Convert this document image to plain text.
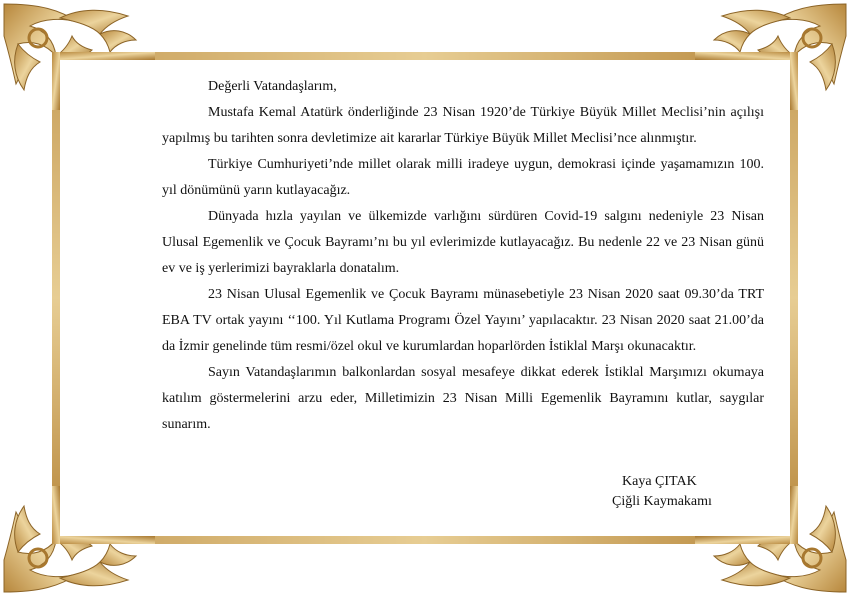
Değerli Vatandaşlarım,

Mustafa Kemal Atatürk önderliğinde 23 Nisan 1920’de Türkiye Büyük Millet Meclisi’nin açılışı yapılmış bu tarihten sonra devletimize ait kararlar Türkiye Büyük Millet Meclisi’nce alınmıştır.

Türkiye Cumhuriyeti’nde millet olarak milli iradeye uygun, demokrasi içinde yaşamamızın 100. yıl dönümünü yarın kutlayacağız.

Dünyada hızla yayılan ve ülkemizde varlığını sürdüren Covid-19 salgını nedeniyle 23 Nisan Ulusal Egemenlik ve Çocuk Bayramı’nı bu yıl evlerimizde kutlayacağız. Bu nedenle 22 ve 23 Nisan günü ev ve iş yerlerimizi bayraklarla donatalım.

23 Nisan Ulusal Egemenlik ve Çocuk Bayramı münasebetiyle 23 Nisan 2020 saat 09.30’da TRT EBA TV ortak yayını ‘‘100. Yıl Kutlama Programı Özel Yayını’ yapılacaktır. 23 Nisan 2020 saat 21.00’da da İzmir genelinde tüm resmi/özel okul ve kurumlardan hoparlörden İstiklal Marşı okunacaktır.

Sayın Vatandaşlarımın balkonlardan sosyal mesafeye dikkat ederek İstiklal Marşımızı okumaya katılım göstermelerini arzu eder, Milletimizin 23 Nisan Milli Egemenlik Bayramını kutlar, saygılar sunarım.

Kaya ÇITAK
Çiğli Kaymakamı
